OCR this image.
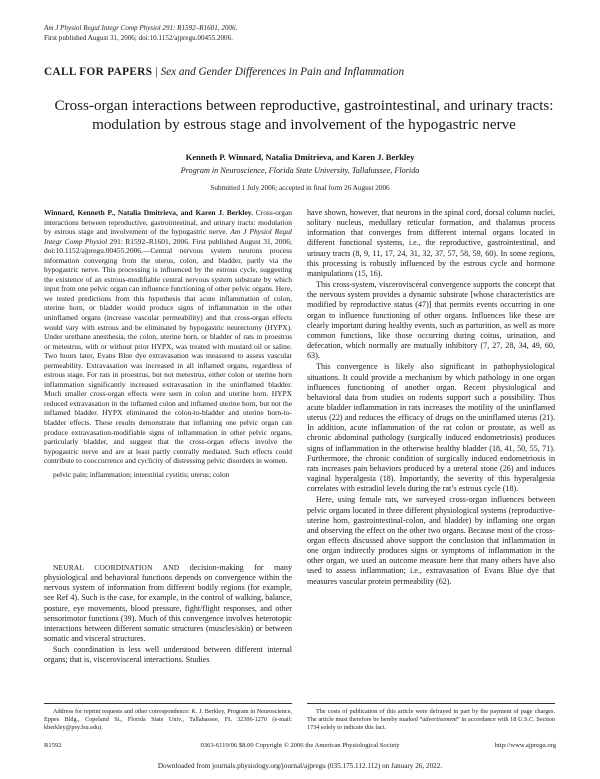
Am J Physiol Regul Integr Comp Physiol 291: R1592–R1601, 2006.
First published August 31, 2006; doi:10.1152/ajpregu.00455.2006.
CALL FOR PAPERS | Sex and Gender Differences in Pain and Inflammation
Cross-organ interactions between reproductive, gastrointestinal, and urinary tracts: modulation by estrous stage and involvement of the hypogastric nerve
Kenneth P. Winnard, Natalia Dmitrieva, and Karen J. Berkley
Program in Neuroscience, Florida State University, Tallahassee, Florida
Submitted 1 July 2006; accepted in final form 26 August 2006
Winnard, Kenneth P., Natalia Dmitrieva, and Karen J. Berkley. Cross-organ interactions between reproductive, gastrointestinal, and urinary tracts: modulation by estrous stage and involvement of the hypogastric nerve. Am J Physiol Regul Integr Comp Physiol 291: R1592–R1601, 2006. First published August 31, 2006; doi:10.1152/ajpregu.00455.2006.—Central nervous system neurons process information converging from the uterus, colon, and bladder, partly via the hypogastric nerve. This processing is influenced by the estrous cycle, suggesting the existence of an estrous-modifiable central nervous system substrate by which input from one pelvic organ can influence functioning of other pelvic organs. Here, we tested predictions from this hypothesis that acute inflammation of colon, uterine horn, or bladder would produce signs of inflammation in the other uninflamed organs (increase vascular permeability) and that cross-organ effects would vary with estrous and be eliminated by hypogastric neurectomy (HYPX). Under urethane anesthesia, the colon, uterine horn, or bladder of rats in proestrus or metestrus, with or without prior HYPX, was treated with mustard oil or saline. Two hours later, Evans Blue dye extravasation was measured to assess vascular permeability. Extravasation was increased in all inflamed organs, regardless of estrous stage. For rats in proestrus, but not metestrus, either colon or uterine horn inflammation significantly increased extravasation in the uninflamed bladder. Much smaller cross-organ effects were seen in colon and uterine horn. HYPX reduced extravasation in the inflamed colon and inflamed uterine horn, but not the inflamed bladder. HYPX eliminated the colon-to-bladder and uterine horn-to-bladder effects. These results demonstrate that inflaming one pelvic organ can produce extravasation-modifiable signs of inflammation in other pelvic organs, particularly bladder, and suggest that the cross-organ effects involve the hypogastric nerve and are at least partly centrally mediated. Such effects could contribute to cooccurrence and cyclicity of distressing pelvic disorders in women.
pelvic pain; inflammation; interstitial cystitis; uterus; colon

NEURAL COORDINATION AND decision-making for many physiological and behavioral functions depends on convergence within the nervous system of information from different bodily regions (for example, see Ref 4). Such is the case, for example, in the control of walking, balance, posture, eye movements, blood pressure, fight/flight responses, and other sensorimotor functions (39). Much of this convergence involves heterotopic interactions between different somatic structures (muscles/skin) or between somatic and visceral structures.

Such coordination is less well understood between different internal organs; that is, viscerovisceral interactions. Studies

have shown, however, that neurons in the spinal cord, dorsal column nuclei, solitary nucleus, medullary reticular formation, and thalamus process information that converges from different internal organs located in different functional systems, i.e., the reproductive, gastrointestinal, and urinary tracts (8, 9, 11, 17, 24, 31, 32, 37, 57, 58, 59, 60). In some regions, this processing is robustly influenced by the estrous cycle and hormone manipulations (15, 16).

This cross-system, viscerovisceral convergence supports the concept that the nervous system provides a dynamic substrate [whose characteristics are modified by reproductive status (47)] that permits events occurring in one organ to influence functioning of other organs. Influences like these are clearly important during healthy events, such as parturition, as well as more common functions, like those occurring during coitus, urination, and defecation, which normally are mutually inhibitory (7, 27, 28, 34, 49, 60, 63).

This convergence is likely also significant in pathophysiological situations. It could provide a mechanism by which pathology in one organ influences functioning of another organ. Recent physiological and behavioral data from studies on rodents support such a possibility. Thus acute bladder inflammation in rats increases the motility of the uninflamed uterus (22) and reduces the efficacy of drugs on the uninflamed uterus (21). In addition, acute inflammation of the rat colon or prostate, as well as chronic abdominal pathology (surgically induced endometriosis) produces signs of inflammation in the otherwise healthy bladder (18, 41, 50, 55, 71). Furthermore, the chronic condition of surgically induced endometriosis in rats increases pain behaviors produced by a ureteral stone (26) and induces vaginal hyperalgesia (18). Importantly, the severity of this hyperalgesia correlates with estradiol levels during the rat’s estrous cycle (18).

Here, using female rats, we surveyed cross-organ influences between pelvic organs located in three different physiological systems (reproductive-uterine horn, gastrointestinal-colon, and bladder) by inflaming one organ and observing the effect on the other two organs. Because most of the cross-organ effects discussed above support the conclusion that inflammation in one organ indirectly produces signs or symptoms of inflammation in the other organ, we used an outcome measure here that many others have also used to assess inflammation; i.e., extravasation of Evans Blue dye that measures vascular protein permeability (62).

Address for reprint requests and other correspondence: K. J. Berkley, Program in Neuroscience, Eppes Bldg., Copeland St., Florida State Univ., Tallahassee, FL 32306-1270 (e-mail: kberkley@psy.fsu.edu).

The costs of publication of this article were defrayed in part by the payment of page charges. The article must therefore be hereby marked “advertisement” in accordance with 18 U.S.C. Section 1734 solely to indicate this fact.

R1592	0363-6119/06 $8.00 Copyright © 2006 the American Physiological Society	http://www.ajpregu.org
Downloaded from journals.physiology.org/journal/ajpregu (035.175.112.112) on January 26, 2022.
